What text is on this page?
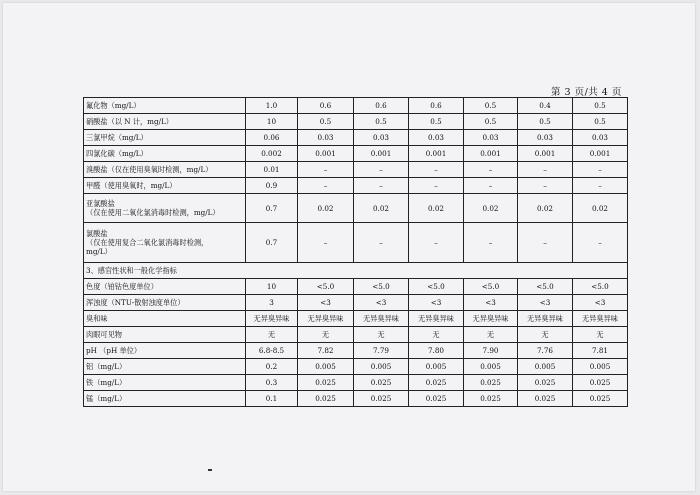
第 3 页/共 4 页
氟化物（mg/L）	1.0	0.6	0.6	0.6	0.5	0.4	0.5
硝酸盐（以 N 计，mg/L）	10	0.5	0.5	0.5	0.5	0.5	0.5
三氯甲烷（mg/L）	0.06	0.03	0.03	0.03	0.03	0.03	0.03
四氯化碳（mg/L）	0.002	0.001	0.001	0.001	0.001	0.001	0.001
溴酸盐（仅在使用臭氧时检测，mg/L）	0.01	–	–	–	–	–	–
甲醛（使用臭氧时，mg/L）	0.9	–	–	–	–	–	–

亚氯酸盐
（仅在使用二氧化氯消毒时检测，mg/L）	0.7	0.02	0.02	0.02	0.02	0.02	0.02

氯酸盐
（仅在使用复合二氧化氯消毒时检测，
mg/L）	0.7	–	–	–	–	–	–
3、感官性状和一般化学指标							
色度（铂钴色度单位）	10	<5.0	<5.0	<5.0	<5.0	<5.0	<5.0
浑浊度（NTU-散射浊度单位）	3	<3	<3	<3	<3	<3	<3
臭和味	无异臭异味	无异臭异味	无异臭异味	无异臭异味	无异臭异味	无异臭异味	无异臭异味
肉眼可见物	无	无	无	无	无	无	无
pH （pH 单位）	6.8-8.5	7.82	7.79	7.80	7.90	7.76	7.81
铝（mg/L）	0.2	0.005	0.005	0.005	0.005	0.005	0.005
铁（mg/L）	0.3	0.025	0.025	0.025	0.025	0.025	0.025
锰（mg/L）	0.1	0.025	0.025	0.025	0.025	0.025	0.025
